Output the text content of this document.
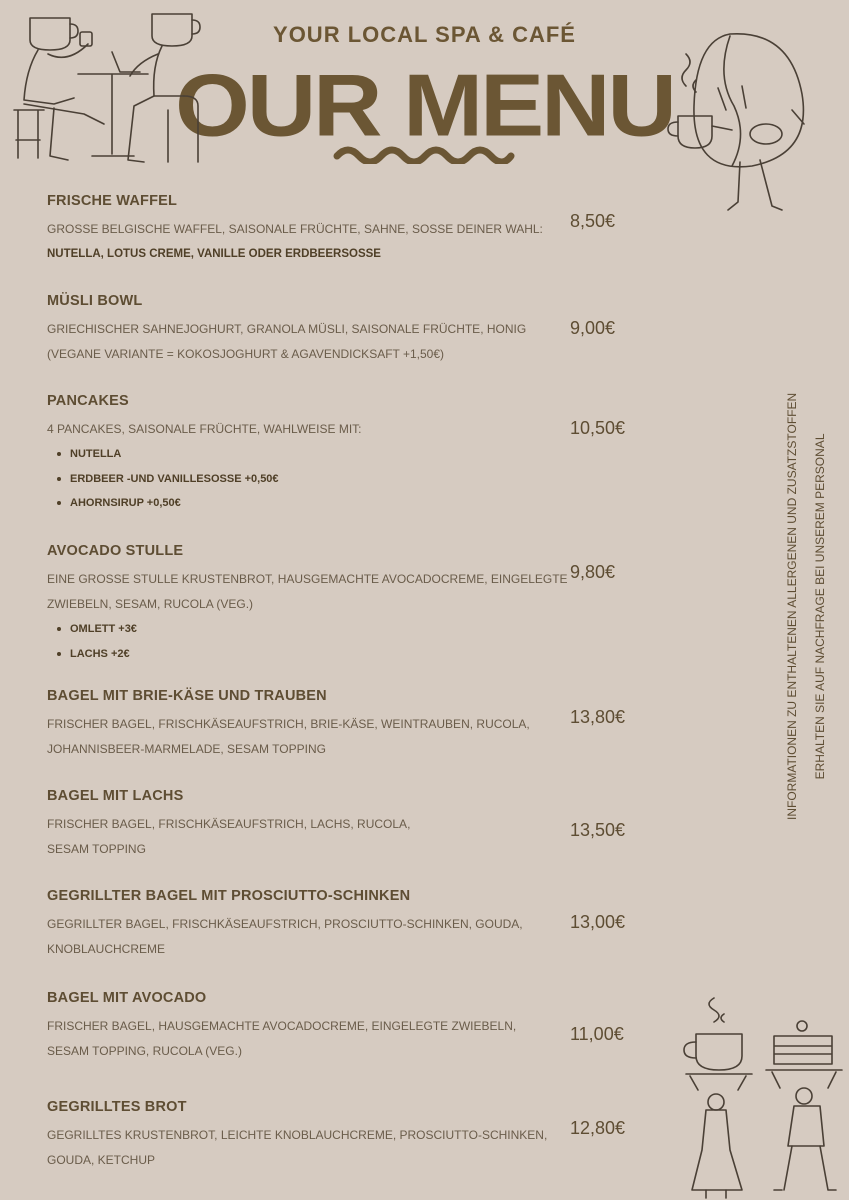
YOUR LOCAL SPA & CAFÉ
OUR MENU
FRISCHE WAFFEL
GROSSE BELGISCHE WAFFEL, SAISONALE FRÜCHTE, SAHNE, SOSSE DEINER WAHL:
NUTELLA, LOTUS CREME, VANILLE ODER ERDBEERSOSSE
8,50€
MÜSLI BOWL
GRIECHISCHER SAHNEJOGHURT, GRANOLA MÜSLI, SAISONALE FRÜCHTE, HONIG
(VEGANE VARIANTE = KOKOSJOGHURT & AGAVENDICKSAFT +1,50€)
9,00€
PANCAKES
4 PANCAKES, SAISONALE FRÜCHTE, WAHLWEISE MIT:
NUTELLA
ERDBEER -UND VANILLESOSSE +0,50€
AHORNSIRUP +0,50€
10,50€
AVOCADO STULLE
EINE GROSSE STULLE KRUSTENBROT, HAUSGEMACHTE AVOCADOCREME, EINGELEGTE
ZWIEBELN, SESAM, RUCOLA (VEG.)
OMLETT +3€
LACHS +2€
9,80€
BAGEL MIT BRIE-KÄSE UND TRAUBEN
FRISCHER BAGEL, FRISCHKÄSEAUFSTRICH, BRIE-KÄSE, WEINTRAUBEN, RUCOLA,
JOHANNISBEER-MARMELADE, SESAM TOPPING
13,80€
BAGEL MIT LACHS
FRISCHER BAGEL, FRISCHKÄSEAUFSTRICH, LACHS, RUCOLA,
SESAM TOPPING
13,50€
GEGRILLTER BAGEL MIT PROSCIUTTO-SCHINKEN
GEGRILLTER BAGEL, FRISCHKÄSEAUFSTRICH, PROSCIUTTO-SCHINKEN, GOUDA,
KNOBLAUCHCREME
13,00€
BAGEL MIT AVOCADO
FRISCHER BAGEL, HAUSGEMACHTE AVOCADOCREME, EINGELEGTE ZWIEBELN,
SESAM TOPPING, RUCOLA (VEG.)
11,00€
GEGRILLTES BROT
GEGRILLTES KRUSTENBROT, LEICHTE KNOBLAUCHCREME, PROSCIUTTO-SCHINKEN,
GOUDA, KETCHUP
12,80€
INFORMATIONEN ZU ENTHALTENEN ALLERGENEN UND ZUSATZSTOFFEN	ERHALTEN SIE AUF NACHFRAGE BEI UNSEREM PERSONAL
